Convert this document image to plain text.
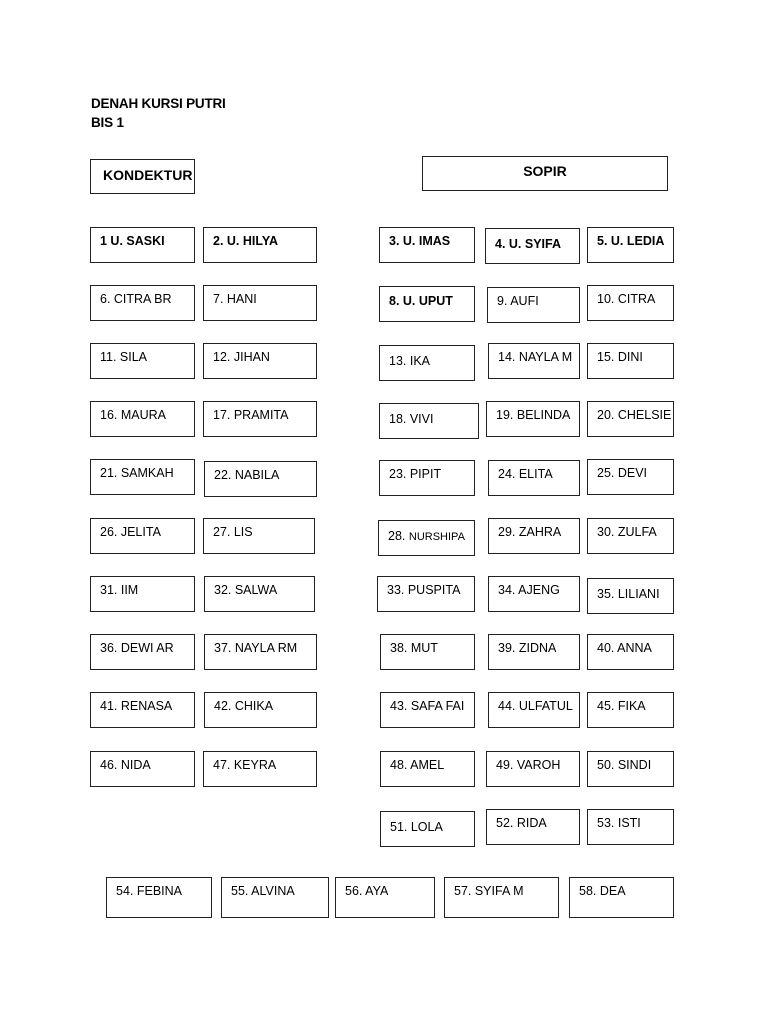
DENAH KURSI PUTRI
BIS 1
KONDEKTUR	SOPIR
1 U. SASKI	2. U. HILYA	3. U. IMAS	4. U. SYIFA	5. U. LEDIA
6. CITRA BR	7. HANI	8. U. UPUT	9. AUFI	10. CITRA
11. SILA	12. JIHAN	13. IKA	14. NAYLA M	15. DINI
16. MAURA	17. PRAMITA	18. VIVI	19. BELINDA	20. CHELSIE
21. SAMKAH	22. NABILA	23. PIPIT	24. ELITA	25. DEVI
26. JELITA	27. LIS	28. NURSHIPA	29. ZAHRA	30. ZULFA
31. IIM	32. SALWA	33. PUSPITA	34. AJENG	35. LILIANI
36. DEWI AR	37. NAYLA RM	38. MUT	39. ZIDNA	40. ANNA
41. RENASA	42. CHIKA	43. SAFA FAI	44. ULFATUL	45. FIKA
46. NIDA	47. KEYRA	48. AMEL	49. VAROH	50. SINDI
51. LOLA	52. RIDA	53. ISTI
54. FEBINA	55. ALVINA	56. AYA	57. SYIFA M	58. DEA
